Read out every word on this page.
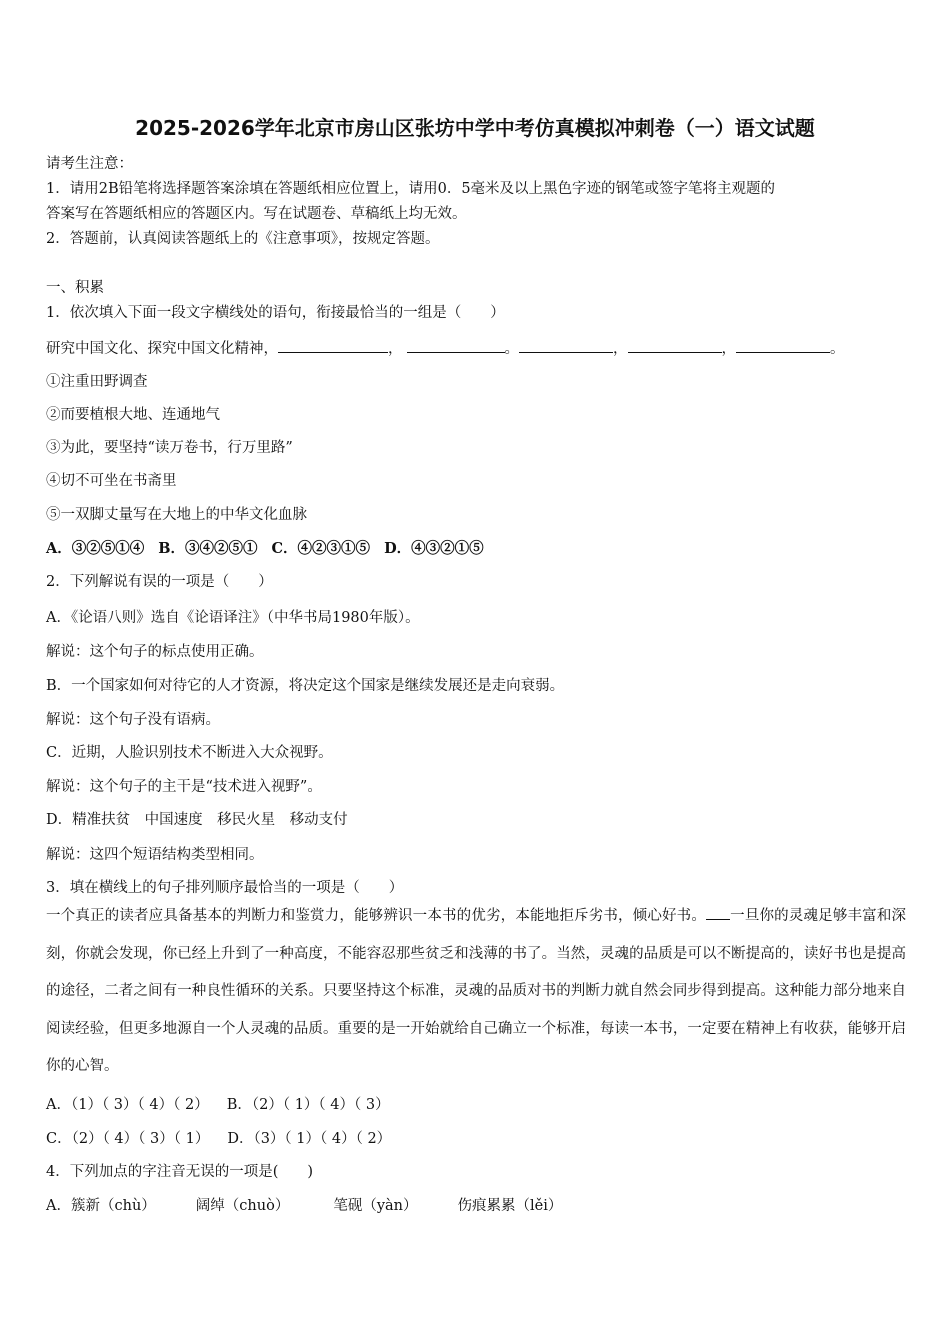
2025-2026学年北京市房山区张坊中学中考仿真模拟冲刺卷（一）语文试题
请考生注意：
1．请用2B铅笔将选择题答案涂填在答题纸相应位置上，请用0．5毫米及以上黑色字迹的钢笔或签字笔将主观题的
答案写在答题纸相应的答题区内。写在试题卷、草稿纸上均无效。
2．答题前，认真阅读答题纸上的《注意事项》，按规定答题。
一、积累
1．依次填入下面一段文字横线处的语句，衔接最恰当的一组是（　　）
研究中国文化、探究中国文化精神，	，	。	，	，	。
①注重田野调查
②而要植根大地、连通地气
③为此，要坚持“读万卷书，行万里路”
④切不可坐在书斋里
⑤一双脚丈量写在大地上的中华文化血脉
A．③②⑤①④ B．③④②⑤① C．④②③①⑤ D．④③②①⑤
2．下列解说有误的一项是（　　）
A．《论语八则》选自《论语译注》（中华书局1980年版）。
解说：这个句子的标点使用正确。
B．一个国家如何对待它的人才资源，将决定这个国家是继续发展还是走向衰弱。
解说：这个句子没有语病。
C．近期，人脸识别技术不断进入大众视野。
解说：这个句子的主干是“技术进入视野”。
D．精准扶贫　中国速度　移民火星　移动支付
解说：这四个短语结构类型相同。
3．填在横线上的句子排列顺序最恰当的一项是（　　）
一个真正的读者应具备基本的判断力和鉴赏力，能够辨识一本书的优劣，本能地拒斥劣书，倾心好书。 一旦你的灵魂足够丰富和深刻，你就会发现，你已经上升到了一种高度，不能容忍那些贫乏和浅薄的书了。当然，灵魂的品质是可以不断提高的，读好书也是提高的途径，二者之间有一种良性循环的关系。只要坚持这个标准，灵魂的品质对书的判断力就自然会同步得到提高。这种能力部分地来自阅读经验，但更多地源自一个人灵魂的品质。重要的是一开始就给自己确立一个标准，每读一本书，一定要在精神上有收获，能够开启你的心智。
A．（1）（ 3）（ 4）（ 2） B．（2）（ 1）（ 4）（ 3）
C．（2）（ 4）（ 3）（ 1） D．（3）（ 1）（ 4）（ 2）
4．下列加点的字注音无误的一项是(　　)
A．簇新（chù）	阔绰（chuò）	笔砚（yàn）	伤痕累累（lěi）
